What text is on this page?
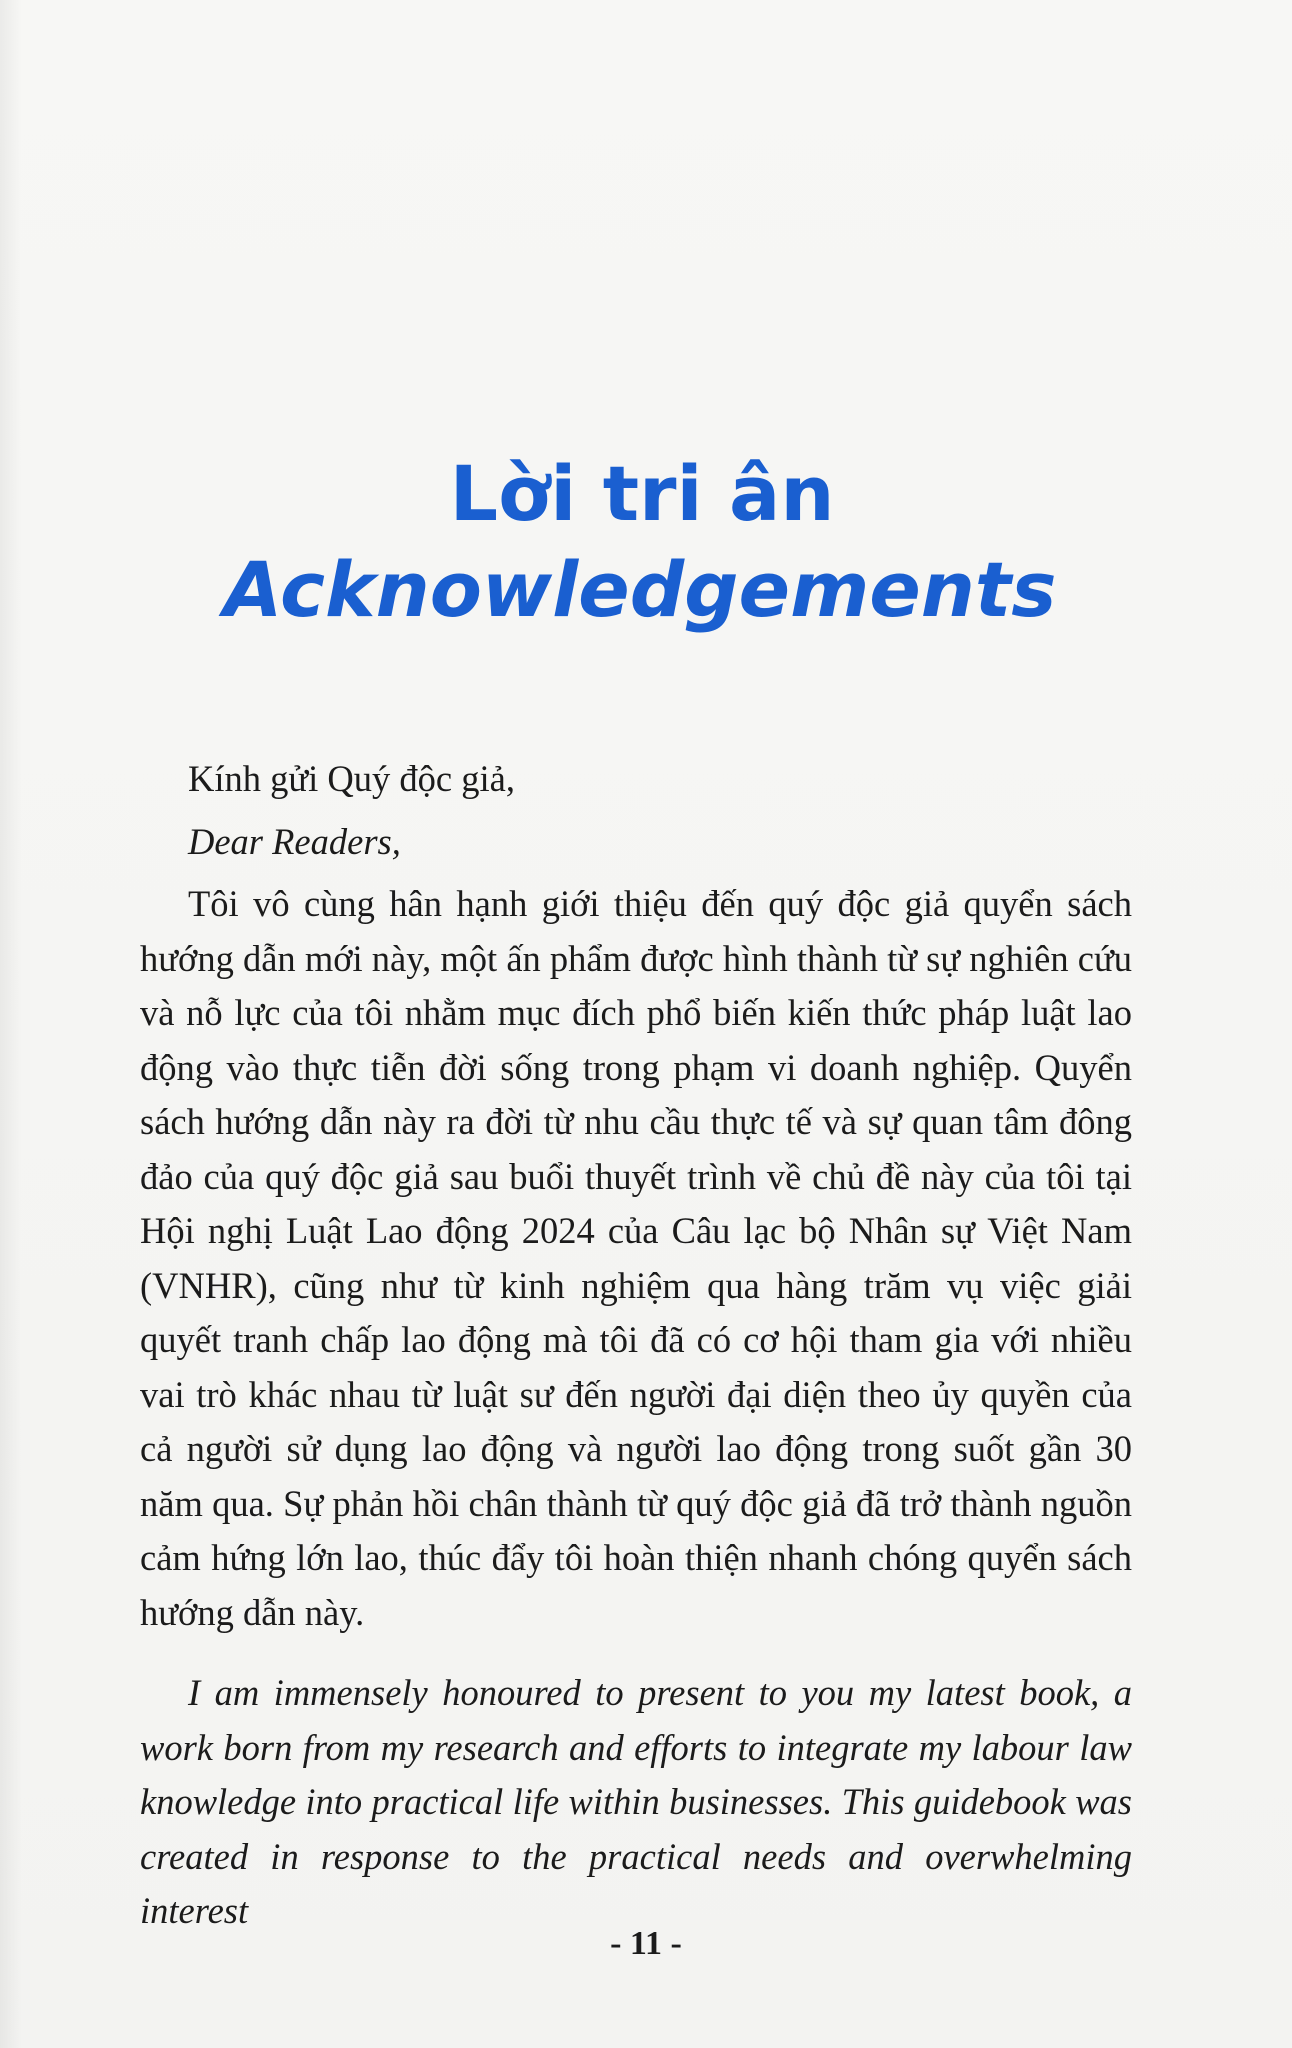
Lời tri ân
Acknowledgements

Kính gửi Quý độc giả,

Dear Readers,

Tôi vô cùng hân hạnh giới thiệu đến quý độc giả quyển sách hướng dẫn mới này, một ấn phẩm được hình thành từ sự nghiên cứu và nỗ lực của tôi nhằm mục đích phổ biến kiến thức pháp luật lao động vào thực tiễn đời sống trong phạm vi doanh nghiệp. Quyển sách hướng dẫn này ra đời từ nhu cầu thực tế và sự quan tâm đông đảo của quý độc giả sau buổi thuyết trình về chủ đề này của tôi tại Hội nghị Luật Lao động 2024 của Câu lạc bộ Nhân sự Việt Nam (VNHR), cũng như từ kinh nghiệm qua hàng trăm vụ việc giải quyết tranh chấp lao động mà tôi đã có cơ hội tham gia với nhiều vai trò khác nhau từ luật sư đến người đại diện theo ủy quyền của cả người sử dụng lao động và người lao động trong suốt gần 30 năm qua. Sự phản hồi chân thành từ quý độc giả đã trở thành nguồn cảm hứng lớn lao, thúc đẩy tôi hoàn thiện nhanh chóng quyển sách hướng dẫn này.

I am immensely honoured to present to you my latest book, a work born from my research and efforts to integrate my labour law knowledge into practical life within businesses. This guidebook was created in response to the practical needs and overwhelming interest

- 11 -
